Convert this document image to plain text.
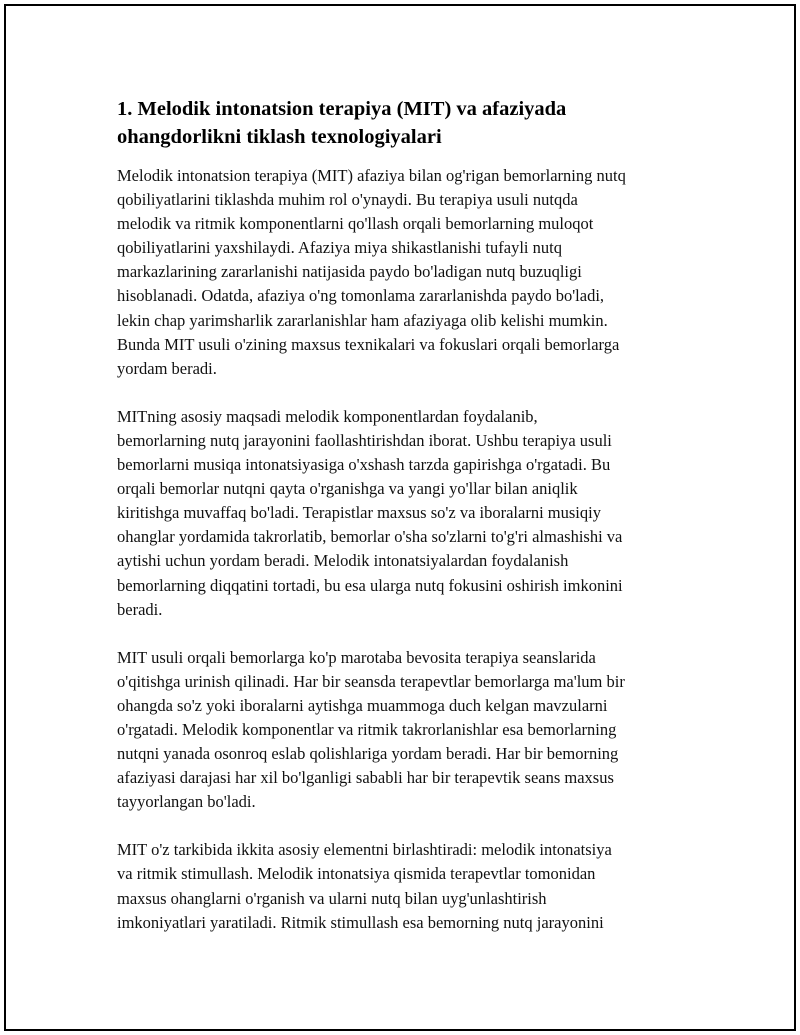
1. Melodik intonatsion terapiya (MIT) va afaziyada
ohangdorlikni tiklash texnologiyalari
Melodik intonatsion terapiya (MIT) afaziya bilan og'rigan bemorlarning nutq
qobiliyatlarini tiklashda muhim rol o'ynaydi. Bu terapiya usuli nutqda
melodik va ritmik komponentlarni qo'llash orqali bemorlarning muloqot
qobiliyatlarini yaxshilaydi. Afaziya miya shikastlanishi tufayli nutq
markazlarining zararlanishi natijasida paydo bo'ladigan nutq buzuqligi
hisoblanadi. Odatda, afaziya o'ng tomonlama zararlanishda paydo bo'ladi,
lekin chap yarimsharlik zararlanishlar ham afaziyaga olib kelishi mumkin.
Bunda MIT usuli o'zining maxsus texnikalari va fokuslari orqali bemorlarga
yordam beradi.
MITning asosiy maqsadi melodik komponentlardan foydalanib,
bemorlarning nutq jarayonini faollashtirishdan iborat. Ushbu terapiya usuli
bemorlarni musiqa intonatsiyasiga o'xshash tarzda gapirishga o'rgatadi. Bu
orqali bemorlar nutqni qayta o'rganishga va yangi yo'llar bilan aniqlik
kiritishga muvaffaq bo'ladi. Terapistlar maxsus so'z va iboralarni musiqiy
ohanglar yordamida takrorlatib, bemorlar o'sha so'zlarni to'g'ri almashishi va
aytishi uchun yordam beradi. Melodik intonatsiyalardan foydalanish
bemorlarning diqqatini tortadi, bu esa ularga nutq fokusini oshirish imkonini
beradi.
MIT usuli orqali bemorlarga ko'p marotaba bevosita terapiya seanslarida
o'qitishga urinish qilinadi. Har bir seansda terapevtlar bemorlarga ma'lum bir
ohangda so'z yoki iboralarni aytishga muammoga duch kelgan mavzularni
o'rgatadi. Melodik komponentlar va ritmik takrorlanishlar esa bemorlarning
nutqni yanada osonroq eslab qolishlariga yordam beradi. Har bir bemorning
afaziyasi darajasi har xil bo'lganligi sababli har bir terapevtik seans maxsus
tayyorlangan bo'ladi.
MIT o'z tarkibida ikkita asosiy elementni birlashtiradi: melodik intonatsiya
va ritmik stimullash. Melodik intonatsiya qismida terapevtlar tomonidan
maxsus ohanglarni o'rganish va ularni nutq bilan uyg'unlashtirish
imkoniyatlari yaratiladi. Ritmik stimullash esa bemorning nutq jarayonini
